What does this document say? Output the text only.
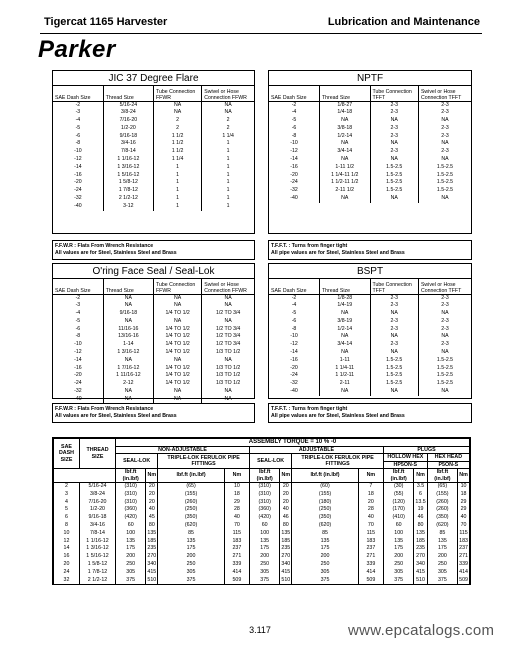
Tigercat 1165 Harvester	Lubrication and Maintenance
Parker
JIC 37 Degree Flare
SAE Dash Size	Thread Size	Tube Connection FFWR	Swivel or Hose Connection FFWR
-2	5/16-24	NA	NA
-3	3/8-24	NA	NA
-4	7/16-20	2	2
-5	1/2-20	2	2
-6	9/16-18	1 1/2	1 1/4
-8	3/4-16	1 1/2	1
-10	7/8-14	1 1/2	1
-12	1 1/16-12	1 1/4	1
-14	1 3/16-12	1	1
-16	1 5/16-12	1	1
-20	1 5/8-12	1	1
-24	1 7/8-12	1	1
-32	2 1/2-12	1	1
-40	3-12	1	1
F.F.W.R : Flats From Wrench Resistance
All values are for Steel, Stainless Steel and Brass
NPTF
SAE Dash Size	Thread Size	Tube Connection TFFT	Swivel or Hose Connection TFFT
-2	1/8-27	2-3	2-3
-4	1/4-18	2-3	2-3
-5	NA	NA	NA
-6	3/8-18	2-3	2-3
-8	1/2-14	2-3	2-3
-10	NA	NA	NA
-12	3/4-14	2-3	2-3
-14	NA	NA	NA
-16	1-11 1/2	1.5-2.5	1.5-2.5
-20	1 1/4-11 1/2	1.5-2.5	1.5-2.5
-24	1 1/2-11 1/2	1.5-2.5	1.5-2.5
-32	2-11 1/2	1.5-2.5	1.5-2.5
-40	NA	NA	NA
T.F.F.T. : Turns from finger tight
All pipe values are for Steel, Stainless Steel and Brass
O'ring Face Seal / Seal-Lok
SAE Dash Size	Thread Size	Tube Connection FFWR	Swivel or Hose Connection FFWR
-2	NA	NA	NA
-3	NA	NA	NA
-4	9/16-18	1/4 TO 1/2	1/2 TO 3/4
-5	NA	NA	NA
-6	11/16-16	1/4 TO 1/2	1/2 TO 3/4
-8	13/16-16	1/4 TO 1/2	1/2 TO 3/4
-10	1-14	1/4 TO 1/2	1/2 TO 3/4
-12	1 3/16-12	1/4 TO 1/2	1/3 TO 1/2
-14	NA	NA	NA
-16	1 7/16-12	1/4 TO 1/2	1/3 TO 1/2
-20	1 11/16-12	1/4 TO 1/2	1/3 TO 1/2
-24	2-12	1/4 TO 1/2	1/3 TO 1/2
-32	NA	NA	NA
-40	NA	NA	NA
F.F.W.R : Flats From Wrench Resistance
All values are for Steel, Stainless Steel and Brass
BSPT
SAE Dash Size	Thread Size	Tube Connection TFFT	Swivel or Hose Connection TFFT
-2	1/8-28	2-3	2-3
-4	1/4-19	2-3	2-3
-5	NA	NA	NA
-6	3/8-19	2-3	2-3
-8	1/2-14	2-3	2-3
-10	NA	NA	NA
-12	3/4-14	2-3	2-3
-14	NA	NA	NA
-16	1-11	1.5-2.5	1.5-2.5
-20	1 1/4-11	1.5-2.5	1.5-2.5
-24	1 1/2-11	1.5-2.5	1.5-2.5
-32	2-11	1.5-2.5	1.5-2.5
-40	NA	NA	NA
T.F.F.T. : Turns from finger tight
All pipe values are for Steel, Stainless Steel and Brass
SAE DASH SIZE	THREAD SIZE	ASSEMBLY TORQUE = 10 % -0											
		NON-ADJUSTABLE				ADJUSTABLE				PLUGS			
		SEAL-LOK		TRIPLE-LOK FERULOK PIPE FITTINGS		SEAL-LOK		TRIPLE-LOK FERULOK PIPE FITTINGS		HOLLOW HEX		HEX HEAD	
										HP5ON-S		P5ON-S	
		lbf.ft (in.lbf)	Nm	lbf.ft (in.lbf)	Nm	lbf.ft (in.lbf)	Nm	lbf.ft (in.lbf)	Nm	lbf.ft (in.lbf)	Nm	lbf.ft (in.lbf)	Nm
2	5/16-24	(310)	20	(65)	10	(310)	20	(60)	7	(30)	3.5	(65)	10
3	3/8-24	(310)	20	(155)	18	(310)	20	(155)	18	(55)	6	(155)	18
4	7/16-20	(310)	20	(260)	29	(310)	20	(180)	20	(120)	13.5	(260)	29
5	1/2-20	(360)	40	(250)	28	(360)	40	(250)	28	(170)	19	(260)	29
6	9/16-18	(420)	45	(350)	40	(420)	46	(350)	40	(410)	46	(350)	40
8	3/4-16	60	80	(620)	70	60	80	(620)	70	60	80	(620)	70
10	7/8-14	100	135	85	115	100	135	85	115	100	135	85	115
12	1 1/16-12	135	185	135	183	135	185	135	183	135	185	135	183
14	1 3/16-12	175	235	175	237	175	235	175	237	175	235	175	237
16	1 5/16-12	200	270	200	271	200	270	200	271	200	270	200	271
20	1 5/8-12	250	340	250	339	250	340	250	339	250	340	250	339
24	1 7/8-12	305	415	305	414	305	415	305	414	305	415	305	414
32	2 1/2-12	375	510	375	509	375	510	375	509	375	510	375	509
3.117	www.epcatalogs.com
